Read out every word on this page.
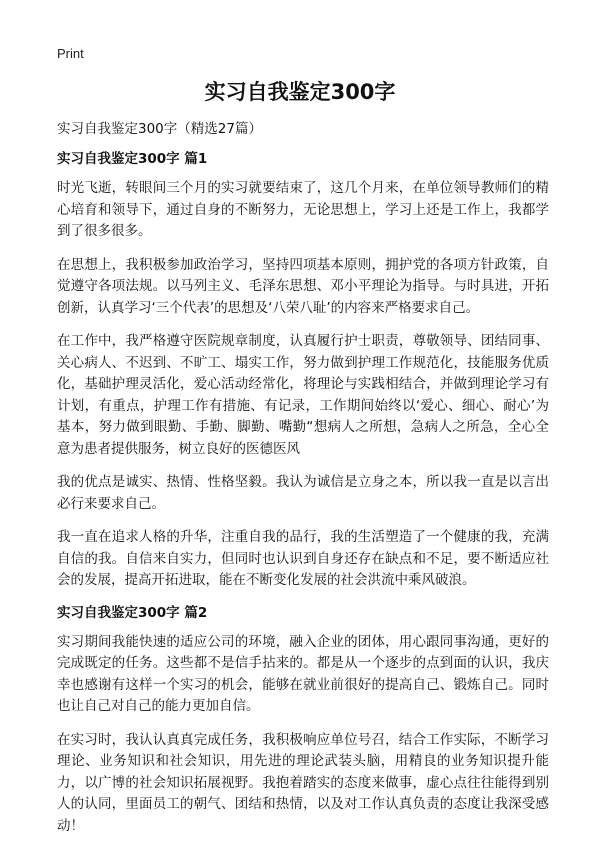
Print
实习自我鉴定300字
实习自我鉴定300字（精选27篇）
实习自我鉴定300字 篇1

时光飞逝，转眼间三个月的实习就要结束了，这几个月来，在单位领导教师们的精心培育和领导下，通过自身的不断努力，无论思想上，学习上还是工作上，我都学到了很多很多。

在思想上，我积极参加政治学习，坚持四项基本原则，拥护党的各项方针政策，自觉遵守各项法规。以马列主义、毛泽东思想、邓小平理论为指导。与时具进，开拓创新，认真学习‘三个代表’的思想及‘八荣八耻’的内容来严格要求自己。

在工作中，我严格遵守医院规章制度，认真履行护士职责，尊敬领导、团结同事、关心病人、不迟到、不旷工、塌实工作，努力做到护理工作规范化，技能服务优质化，基础护理灵活化，爱心活动经常化，将理论与实践相结合，并做到理论学习有计划，有重点，护理工作有措施、有记录，工作期间始终以‘爱心、细心、耐心’为基本，努力做到眼勤、手勤、脚勤、嘴勤“想病人之所想，急病人之所急，全心全意为患者提供服务，树立良好的医德医风

我的优点是诚实、热情、性格坚毅。我认为诚信是立身之本，所以我一直是以言出必行来要求自己。

我一直在追求人格的升华，注重自我的品行，我的生活塑造了一个健康的我，充满自信的我。自信来自实力，但同时也认识到自身还存在缺点和不足，要不断适应社会的发展，提高开拓进取，能在不断变化发展的社会洪流中乘风破浪。

实习自我鉴定300字 篇2

实习期间我能快速的适应公司的环境，融入企业的团体，用心跟同事沟通，更好的完成既定的任务。这些都不是信手拈来的。都是从一个逐步的点到面的认识，我庆幸也感谢有这样一个实习的机会，能够在就业前很好的提高自己、锻炼自己。同时也让自己对自己的能力更加自信。

在实习时，我认认真真完成任务，我积极响应单位号召，结合工作实际，不断学习理论、业务知识和社会知识，用先进的理论武装头脑，用精良的业务知识提升能力，以广博的社会知识拓展视野。我抱着踏实的态度来做事，虚心点往往能得到别人的认同，里面员工的朝气、团结和热情，以及对工作认真负责的态度让我深受感动！
